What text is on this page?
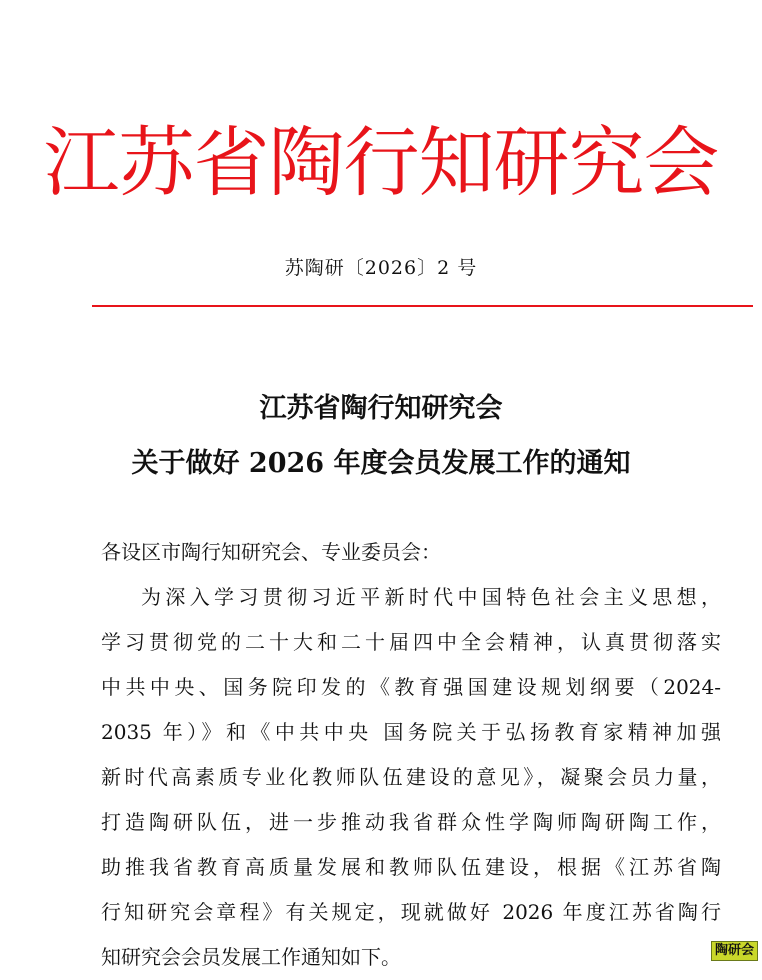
江苏省陶行知研究会
苏陶研〔2026〕2 号
江苏省陶行知研究会
关于做好 2026 年度会员发展工作的通知
各设区市陶行知研究会、专业委员会：
为深入学习贯彻习近平新时代中国特色社会主义思想，
学习贯彻党的二十大和二十届四中全会精神，认真贯彻落实
中共中央、国务院印发的《教育强国建设规划纲要（2024-
2035 年）》和《中共中央 国务院关于弘扬教育家精神加强
新时代高素质专业化教师队伍建设的意见》，凝聚会员力量，
打造陶研队伍，进一步推动我省群众性学陶师陶研陶工作，
助推我省教育高质量发展和教师队伍建设，根据《江苏省陶
行知研究会章程》有关规定，现就做好 2026 年度江苏省陶行
知研究会会员发展工作通知如下。	陶研会
